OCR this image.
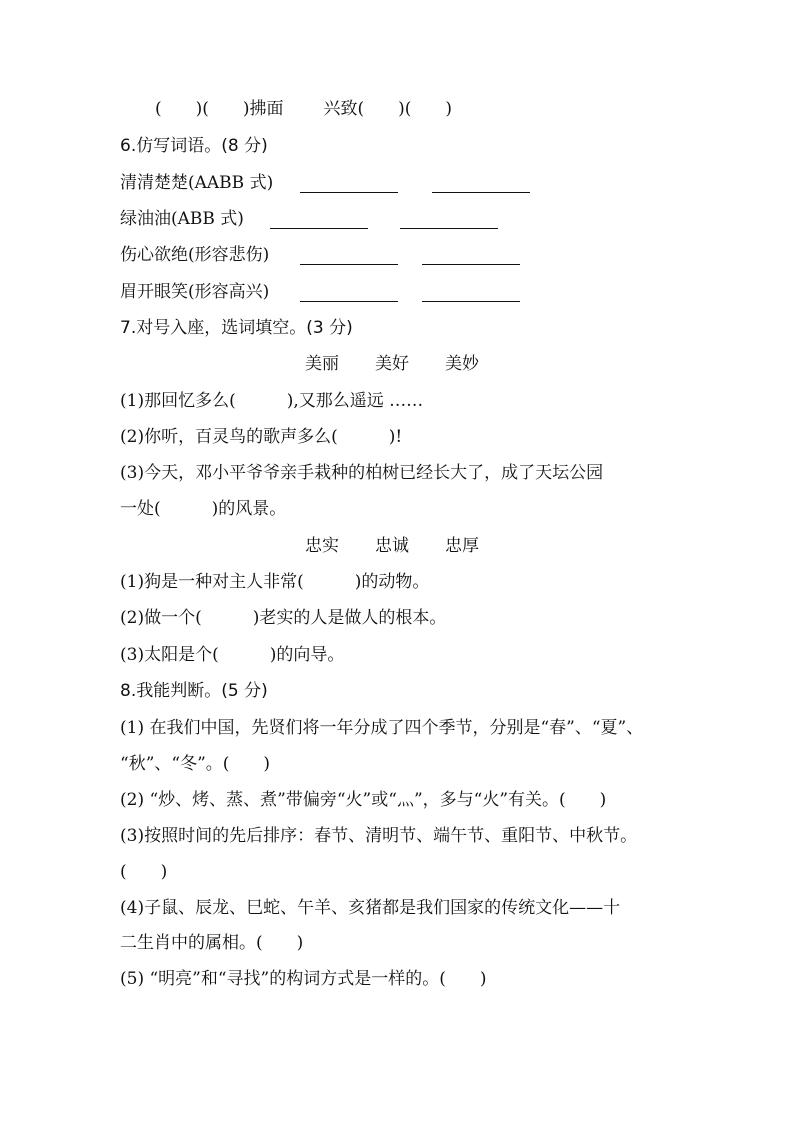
(　　)(　　)拂面 兴致(　　)(　　)
6.仿写词语。(8 分)
清清楚楚(AABB 式)
绿油油(ABB 式)
伤心欲绝(形容悲伤)
眉开眼笑(形容高兴)
7.对号入座，选词填空。(3 分)
美丽 美好 美妙
(1)那回忆多么(　　　),又那么遥远 ……
(2)你听，百灵鸟的歌声多么(　　　)!
(3)今天，邓小平爷爷亲手栽种的柏树已经长大了，成了天坛公园
一处(　　　)的风景。
忠实 忠诚 忠厚
(1)狗是一种对主人非常(　　　)的动物。
(2)做一个(　　　)老实的人是做人的根本。
(3)太阳是个(　　　)的向导。
8.我能判断。(5 分)
(1) 在我们中国，先贤们将一年分成了四个季节，分别是“春”、“夏”、
“秋”、“冬”。(　　)
(2) “炒、烤、蒸、煮”带偏旁“火”或“灬”，多与“火”有关。(　　)
(3)按照时间的先后排序：春节、清明节、端午节、重阳节、中秋节。
(　　)
(4)子鼠、辰龙、巳蛇、午羊、亥猪都是我们国家的传统文化——十
二生肖中的属相。(　　)
(5) “明亮”和“寻找”的构词方式是一样的。(　　)
